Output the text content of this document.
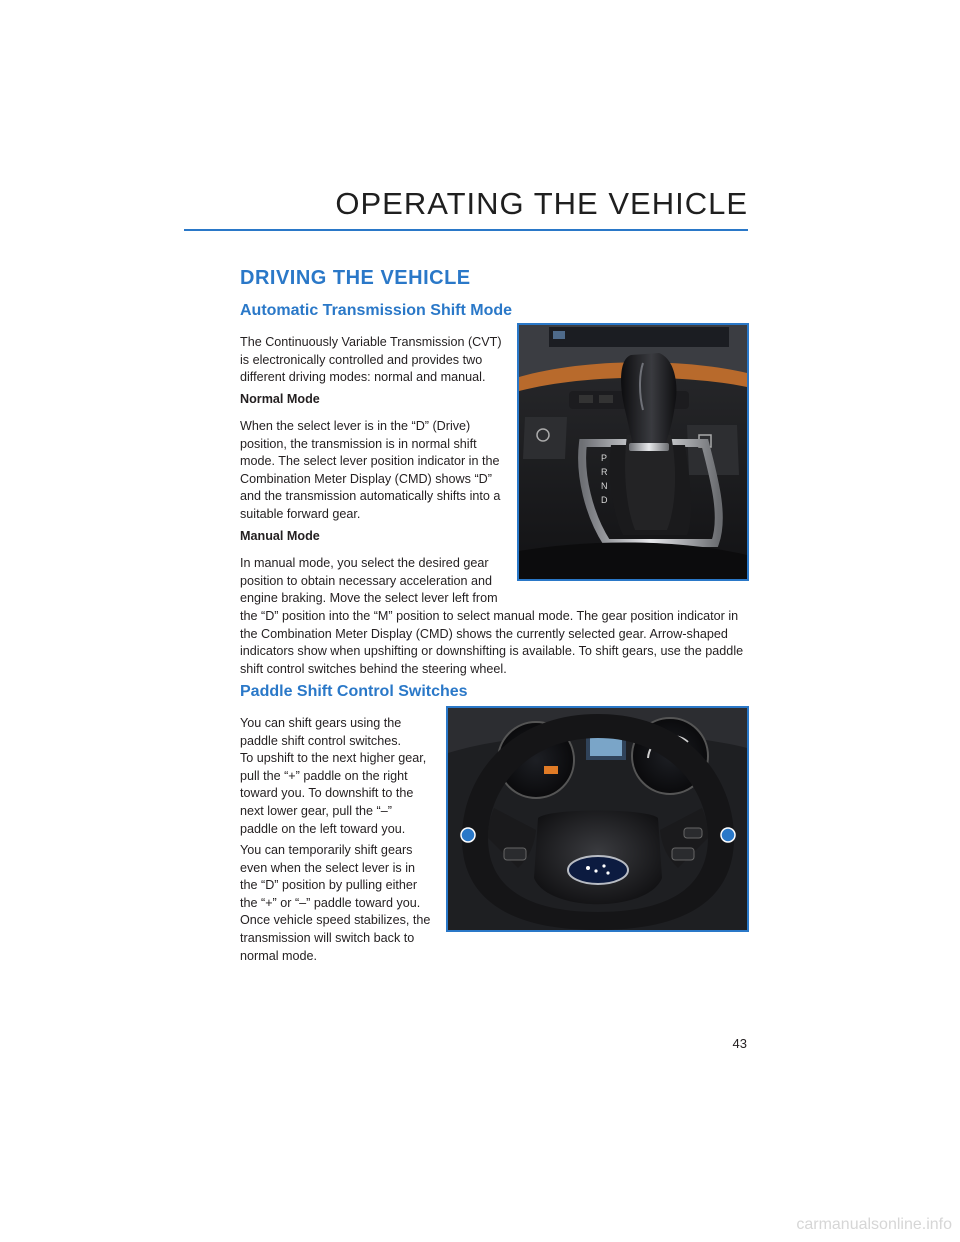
OPERATING THE VEHICLE
DRIVING THE VEHICLE
Automatic Transmission Shift Mode
The Continuously Variable Transmission (CVT)
is electronically controlled and provides two
different driving modes: normal and manual.
Normal Mode
When the select lever is in the “D” (Drive)
position, the transmission is in normal shift
mode. The select lever position indicator in the
Combination Meter Display (CMD) shows “D”
and the transmission automatically shifts into a
suitable forward gear.
Manual Mode
In manual mode, you select the desired gear
position to obtain necessary acceleration and
engine braking. Move the select lever left from
the “D” position into the “M” position to select manual mode. The gear position indicator in
the Combination Meter Display (CMD) shows the currently selected gear. Arrow-shaped
indicators show when upshifting or downshifting is available. To shift gears, use the paddle
shift control switches behind the steering wheel.
P
R
N
D
Paddle Shift Control Switches
You can shift gears using the
paddle shift control switches.
To upshift to the next higher gear,
pull the “+” paddle on the right
toward you. To downshift to the
next lower gear, pull the “–”
paddle on the left toward you.
You can temporarily shift gears
even when the select lever is in
the “D” position by pulling either
the “+” or “–” paddle toward you.
Once vehicle speed stabilizes, the
transmission will switch back to
normal mode.
43
carmanualsonline.info
